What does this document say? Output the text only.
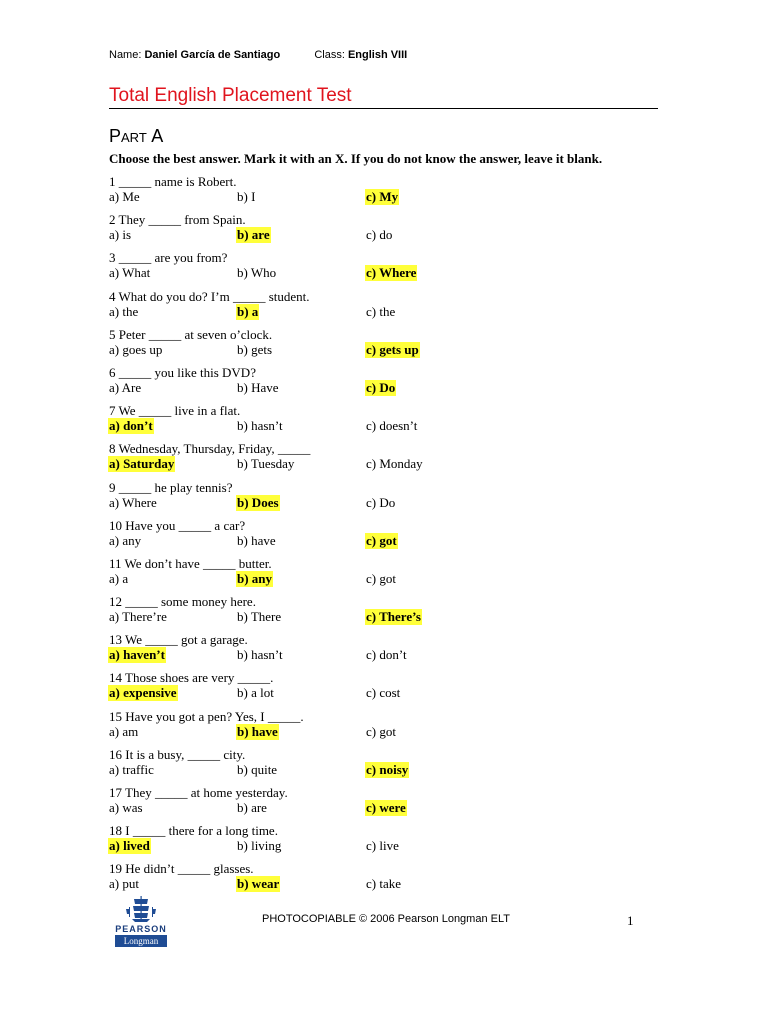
Name: Daniel García de Santiago	Class: English VIII
Total English Placement Test
PART A
Choose the best answer. Mark it with an X. If you do not know the answer, leave it blank.
1 _____ name is Robert.
a) Me	b) I	c) My
2 They _____ from Spain.
a) is	b) are	c) do
3 _____ are you from?
a) What	b) Who	c) Where
4 What do you do? I’m _____ student.
a) the	b) a	c) the
5 Peter _____ at seven o’clock.
a) goes up	b) gets	c) gets up
6 _____ you like this DVD?
a) Are	b) Have	c) Do
7 We _____ live in a flat.
a) don’t	b) hasn’t	c) doesn’t
8 Wednesday, Thursday, Friday, _____
a) Saturday	b) Tuesday	c) Monday
9 _____ he play tennis?
a) Where	b) Does	c) Do
10 Have you _____ a car?
a) any	b) have	c) got
11 We don’t have _____ butter.
a) a	b) any	c) got
12 _____ some money here.
a) There’re	b) There	c) There’s
13 We _____ got a garage.
a) haven’t	b) hasn’t	c) don’t
14 Those shoes are very _____.
a) expensive	b) a lot	c) cost
15 Have you got a pen? Yes, I _____.
a) am	b) have	c) got
16 It is a busy, _____ city.
a) traffic	b) quite	c) noisy
17 They _____ at home yesterday.
a) was	b) are	c) were
18 I _____ there for a long time.
a) lived	b) living	c) live
19 He didn’t _____ glasses.
a) put	b) wear	c) take
PEARSON
Longman
PHOTOCOPIABLE © 2006 Pearson Longman ELT	1
